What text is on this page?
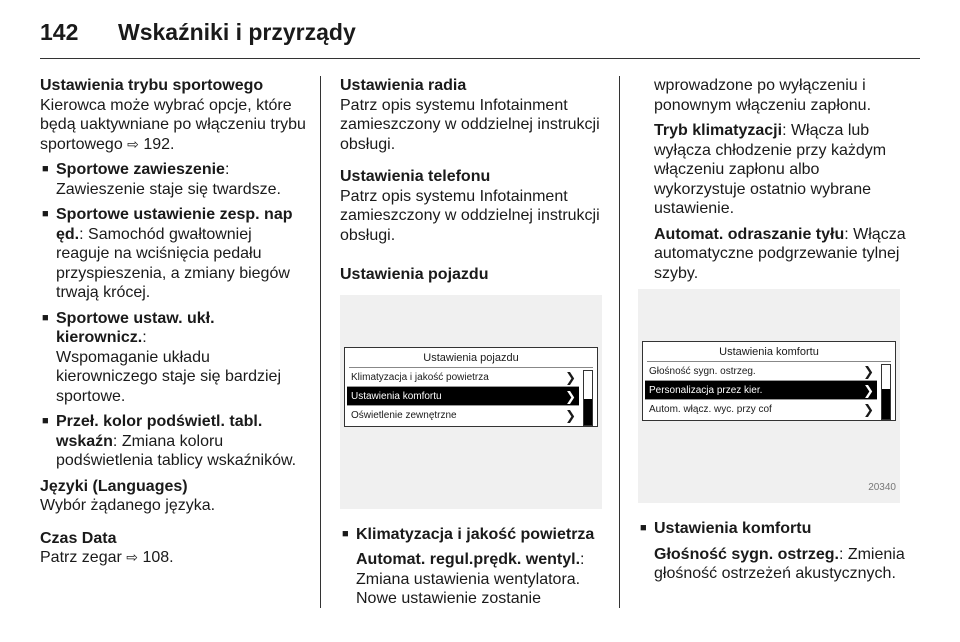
142	Wskaźniki i przyrządy
Ustawienia trybu sportowego
Kierowca może wybrać opcje, które będą uaktywniane po włączeniu trybu sportowego ⇨ 192.
■ Sportowe zawieszenie:
Zawieszenie staje się twardsze.
■ Sportowe ustawienie zesp. nap ęd.: Samochód gwałtowniej reaguje na wciśnięcia pedału przyspieszenia, a zmiany biegów trwają krócej.
■ Sportowe ustaw. ukł. kierownicz.:
Wspomaganie układu kierowniczego staje się bardziej sportowe.
■ Przeł. kolor podświetl. tabl. wskaźn: Zmiana koloru podświetlenia tablicy wskaźników.
Języki (Languages)
Wybór żądanego języka.
Czas Data
Patrz zegar ⇨ 108.
Ustawienia radia
Patrz opis systemu Infotainment zamieszczony w oddzielnej instrukcji obsługi.
Ustawienia telefonu
Patrz opis systemu Infotainment zamieszczony w oddzielnej instrukcji obsługi.
Ustawienia pojazdu
Ustawienia pojazdu
Klimatyzacja i jakość powietrza	❯
Ustawienia komfortu	❯
Oświetlenie zewnętrzne	❯
■ Klimatyzacja i jakość powietrza
Automat. regul.prędk. wentyl.:
Zmiana ustawienia wentylatora. Nowe ustawienie zostanie
wprowadzone po wyłączeniu i ponownym włączeniu zapłonu.
Tryb klimatyzacji: Włącza lub wyłącza chłodzenie przy każdym włączeniu zapłonu albo wykorzystuje ostatnio wybrane ustawienie.
Automat. odraszanie tyłu: Włącza automatyczne podgrzewanie tylnej szyby.
Ustawienia komfortu
Głośność sygn. ostrzeg.	❯
Personalizacja przez kier.	❯
Autom. włącz. wyc. przy cof	❯
20340
■ Ustawienia komfortu
Głośność sygn. ostrzeg.: Zmienia głośność ostrzeżeń akustycznych.
